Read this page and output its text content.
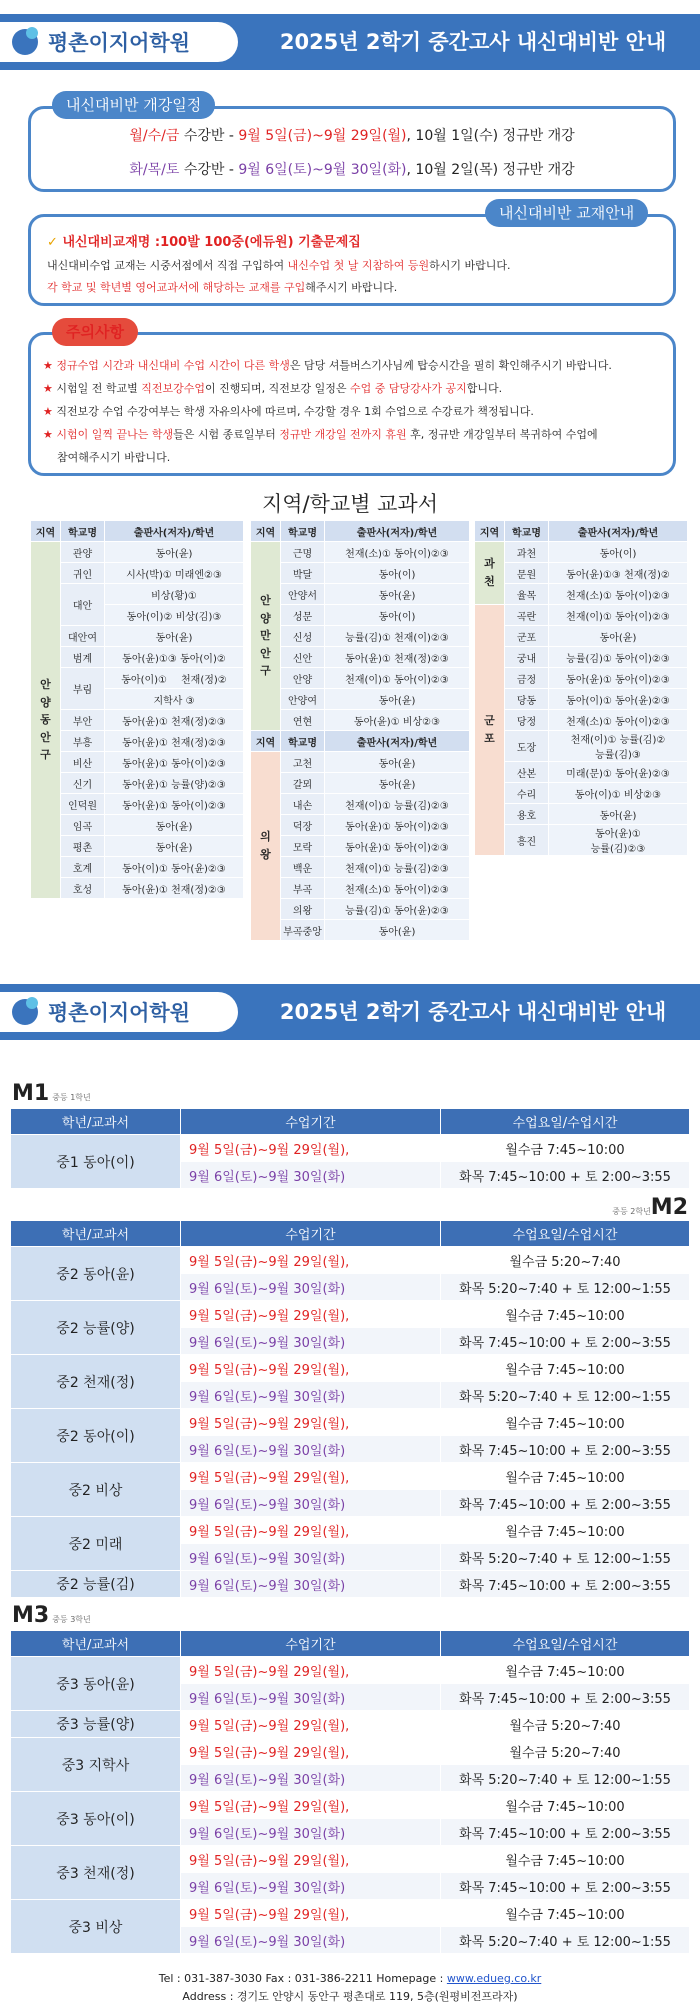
평촌이지어학원	2025년 2학기 중간고사 내신대비반 안내
월/수/금 수강반 - 9월 5일(금)~9월 29일(월), 10월 1일(수) 정규반 개강
화/목/토 수강반 - 9월 6일(토)~9월 30일(화), 10월 2일(목) 정규반 개강
내신대비반 개강일정
✓ 내신대비교재명 :100발 100중(에듀원) 기출문제집
내신대비수업 교재는 시중서점에서 직접 구입하여 내신수업 첫 날 지참하여 등원하시기 바랍니다.
각 학교 및 학년별 영어교과서에 해당하는 교재를 구입해주시기 바랍니다.
내신대비반 교재안내
★ 정규수업 시간과 내신대비 수업 시간이 다른 학생은 담당 셔틀버스기사님께 탑승시간을 필히 확인해주시기 바랍니다.
★ 시험일 전 학교별 직전보강수업이 진행되며, 직전보강 일정은 수업 중 담당강사가 공지합니다.
★ 직전보강 수업 수강여부는 학생 자유의사에 따르며, 수강할 경우 1회 수업으로 수강료가 책정됩니다.
★ 시험이 일찍 끝나는 학생들은 시험 종료일부터 정규반 개강일 전까지 휴원 후, 정규반 개강일부터 복귀하여 수업에
참여해주시기 바랍니다.
주의사항
지역/학교별 교과서
지역	학교명	출판사(저자)/학년
안양 동안구	관양	동아(윤)
	귀인	시사(박)① 미래엔②③
	대안	비상(황)①
		동아(이)② 비상(김)③
	대안여	동아(윤)
	범계	동아(윤)①③ 동아(이)②
	부림	동아(이)① 천재(정)②
		지학사 ③
	부안	동아(윤)① 천재(정)②③
	부흥	동아(윤)① 천재(정)②③
	비산	동아(윤)① 동아(이)②③
	신기	동아(윤)① 능률(양)②③
	인덕원	동아(윤)① 동아(이)②③
	임곡	동아(윤)
	평촌	동아(윤)
	호계	동아(이)① 동아(윤)②③
	호성	동아(윤)① 천재(정)②③
지역	학교명	출판사(저자)/학년
안양 만안구	근명	천재(소)① 동아(이)②③
	박달	동아(이)
	안양서	동아(윤)
	성문	동아(이)
	신성	능률(김)① 천재(이)②③
	신안	동아(윤)① 천재(정)②③
	안양	천재(이)① 동아(이)②③
	안양여	동아(윤)
	연현	동아(윤)① 비상②③
지역	학교명	출판사(저자)/학년
의왕	고천	동아(윤)
	갈뫼	동아(윤)
	내손	천재(이)① 능률(김)②③
	덕장	동아(윤)① 동아(이)②③
	모락	동아(윤)① 동아(이)②③
	백운	천재(이)① 능률(김)②③
	부곡	천재(소)① 동아(이)②③
	의왕	능률(김)① 동아(윤)②③
	부곡중앙	동아(윤)
지역	학교명	출판사(저자)/학년
과천	과천	동아(이)
	문원	동아(윤)①③ 천재(정)②
	율목	천재(소)① 동아(이)②③
군포	곡란	천재(이)① 동아(이)②③
	군포	동아(윤)
	궁내	능률(김)① 동아(이)②③
	금정	동아(윤)① 동아(이)②③
	당동	동아(이)① 동아(윤)②③
	당정	천재(소)① 동아(이)②③
	도장	천재(이)① 능률(김)②
능률(김)③

	산본	미래(문)① 동아(윤)②③
	수리	동아(이)① 비상②③
	용호	동아(윤)
	흥진	동아(윤)①
능률(김)②③
평촌이지어학원	2025년 2학기 중간고사 내신대비반 안내
M1 중등 1학년
학년/교과서	수업기간	수업요일/수업시간
중1 동아(이)	9월 5일(금)~9월 29일(월),	월수금 7:45~10:00
	9월 6일(토)~9월 30일(화)	화목 7:45~10:00 + 토 2:00~3:55
중등 2학년M2
학년/교과서	수업기간	수업요일/수업시간
중2 동아(윤)	9월 5일(금)~9월 29일(월),	월수금 5:20~7:40
	9월 6일(토)~9월 30일(화)	화목 5:20~7:40 + 토 12:00~1:55
중2 능률(양)	9월 5일(금)~9월 29일(월),	월수금 7:45~10:00
	9월 6일(토)~9월 30일(화)	화목 7:45~10:00 + 토 2:00~3:55
중2 천재(정)	9월 5일(금)~9월 29일(월),	월수금 7:45~10:00
	9월 6일(토)~9월 30일(화)	화목 5:20~7:40 + 토 12:00~1:55
중2 동아(이)	9월 5일(금)~9월 29일(월),	월수금 7:45~10:00
	9월 6일(토)~9월 30일(화)	화목 7:45~10:00 + 토 2:00~3:55
중2 비상	9월 5일(금)~9월 29일(월),	월수금 7:45~10:00
	9월 6일(토)~9월 30일(화)	화목 7:45~10:00 + 토 2:00~3:55
중2 미래	9월 5일(금)~9월 29일(월),	월수금 7:45~10:00
	9월 6일(토)~9월 30일(화)	화목 5:20~7:40 + 토 12:00~1:55
중2 능률(김)	9월 6일(토)~9월 30일(화)	화목 7:45~10:00 + 토 2:00~3:55
M3 중등 3학년
학년/교과서	수업기간	수업요일/수업시간
중3 동아(윤)	9월 5일(금)~9월 29일(월),	월수금 7:45~10:00
	9월 6일(토)~9월 30일(화)	화목 7:45~10:00 + 토 2:00~3:55
중3 능률(양)	9월 5일(금)~9월 29일(월),	월수금 5:20~7:40
중3 지학사	9월 5일(금)~9월 29일(월),	월수금 5:20~7:40
	9월 6일(토)~9월 30일(화)	화목 5:20~7:40 + 토 12:00~1:55
중3 동아(이)	9월 5일(금)~9월 29일(월),	월수금 7:45~10:00
	9월 6일(토)~9월 30일(화)	화목 7:45~10:00 + 토 2:00~3:55
중3 천재(정)	9월 5일(금)~9월 29일(월),	월수금 7:45~10:00
	9월 6일(토)~9월 30일(화)	화목 7:45~10:00 + 토 2:00~3:55
중3 비상	9월 5일(금)~9월 29일(월),	월수금 7:45~10:00
	9월 6일(토)~9월 30일(화)	화목 5:20~7:40 + 토 12:00~1:55
Tel : 031-387-3030 Fax : 031-386-2211 Homepage : www.edueg.co.kr
Address : 경기도 안양시 동안구 평촌대로 119, 5층(원평비전프라자)
